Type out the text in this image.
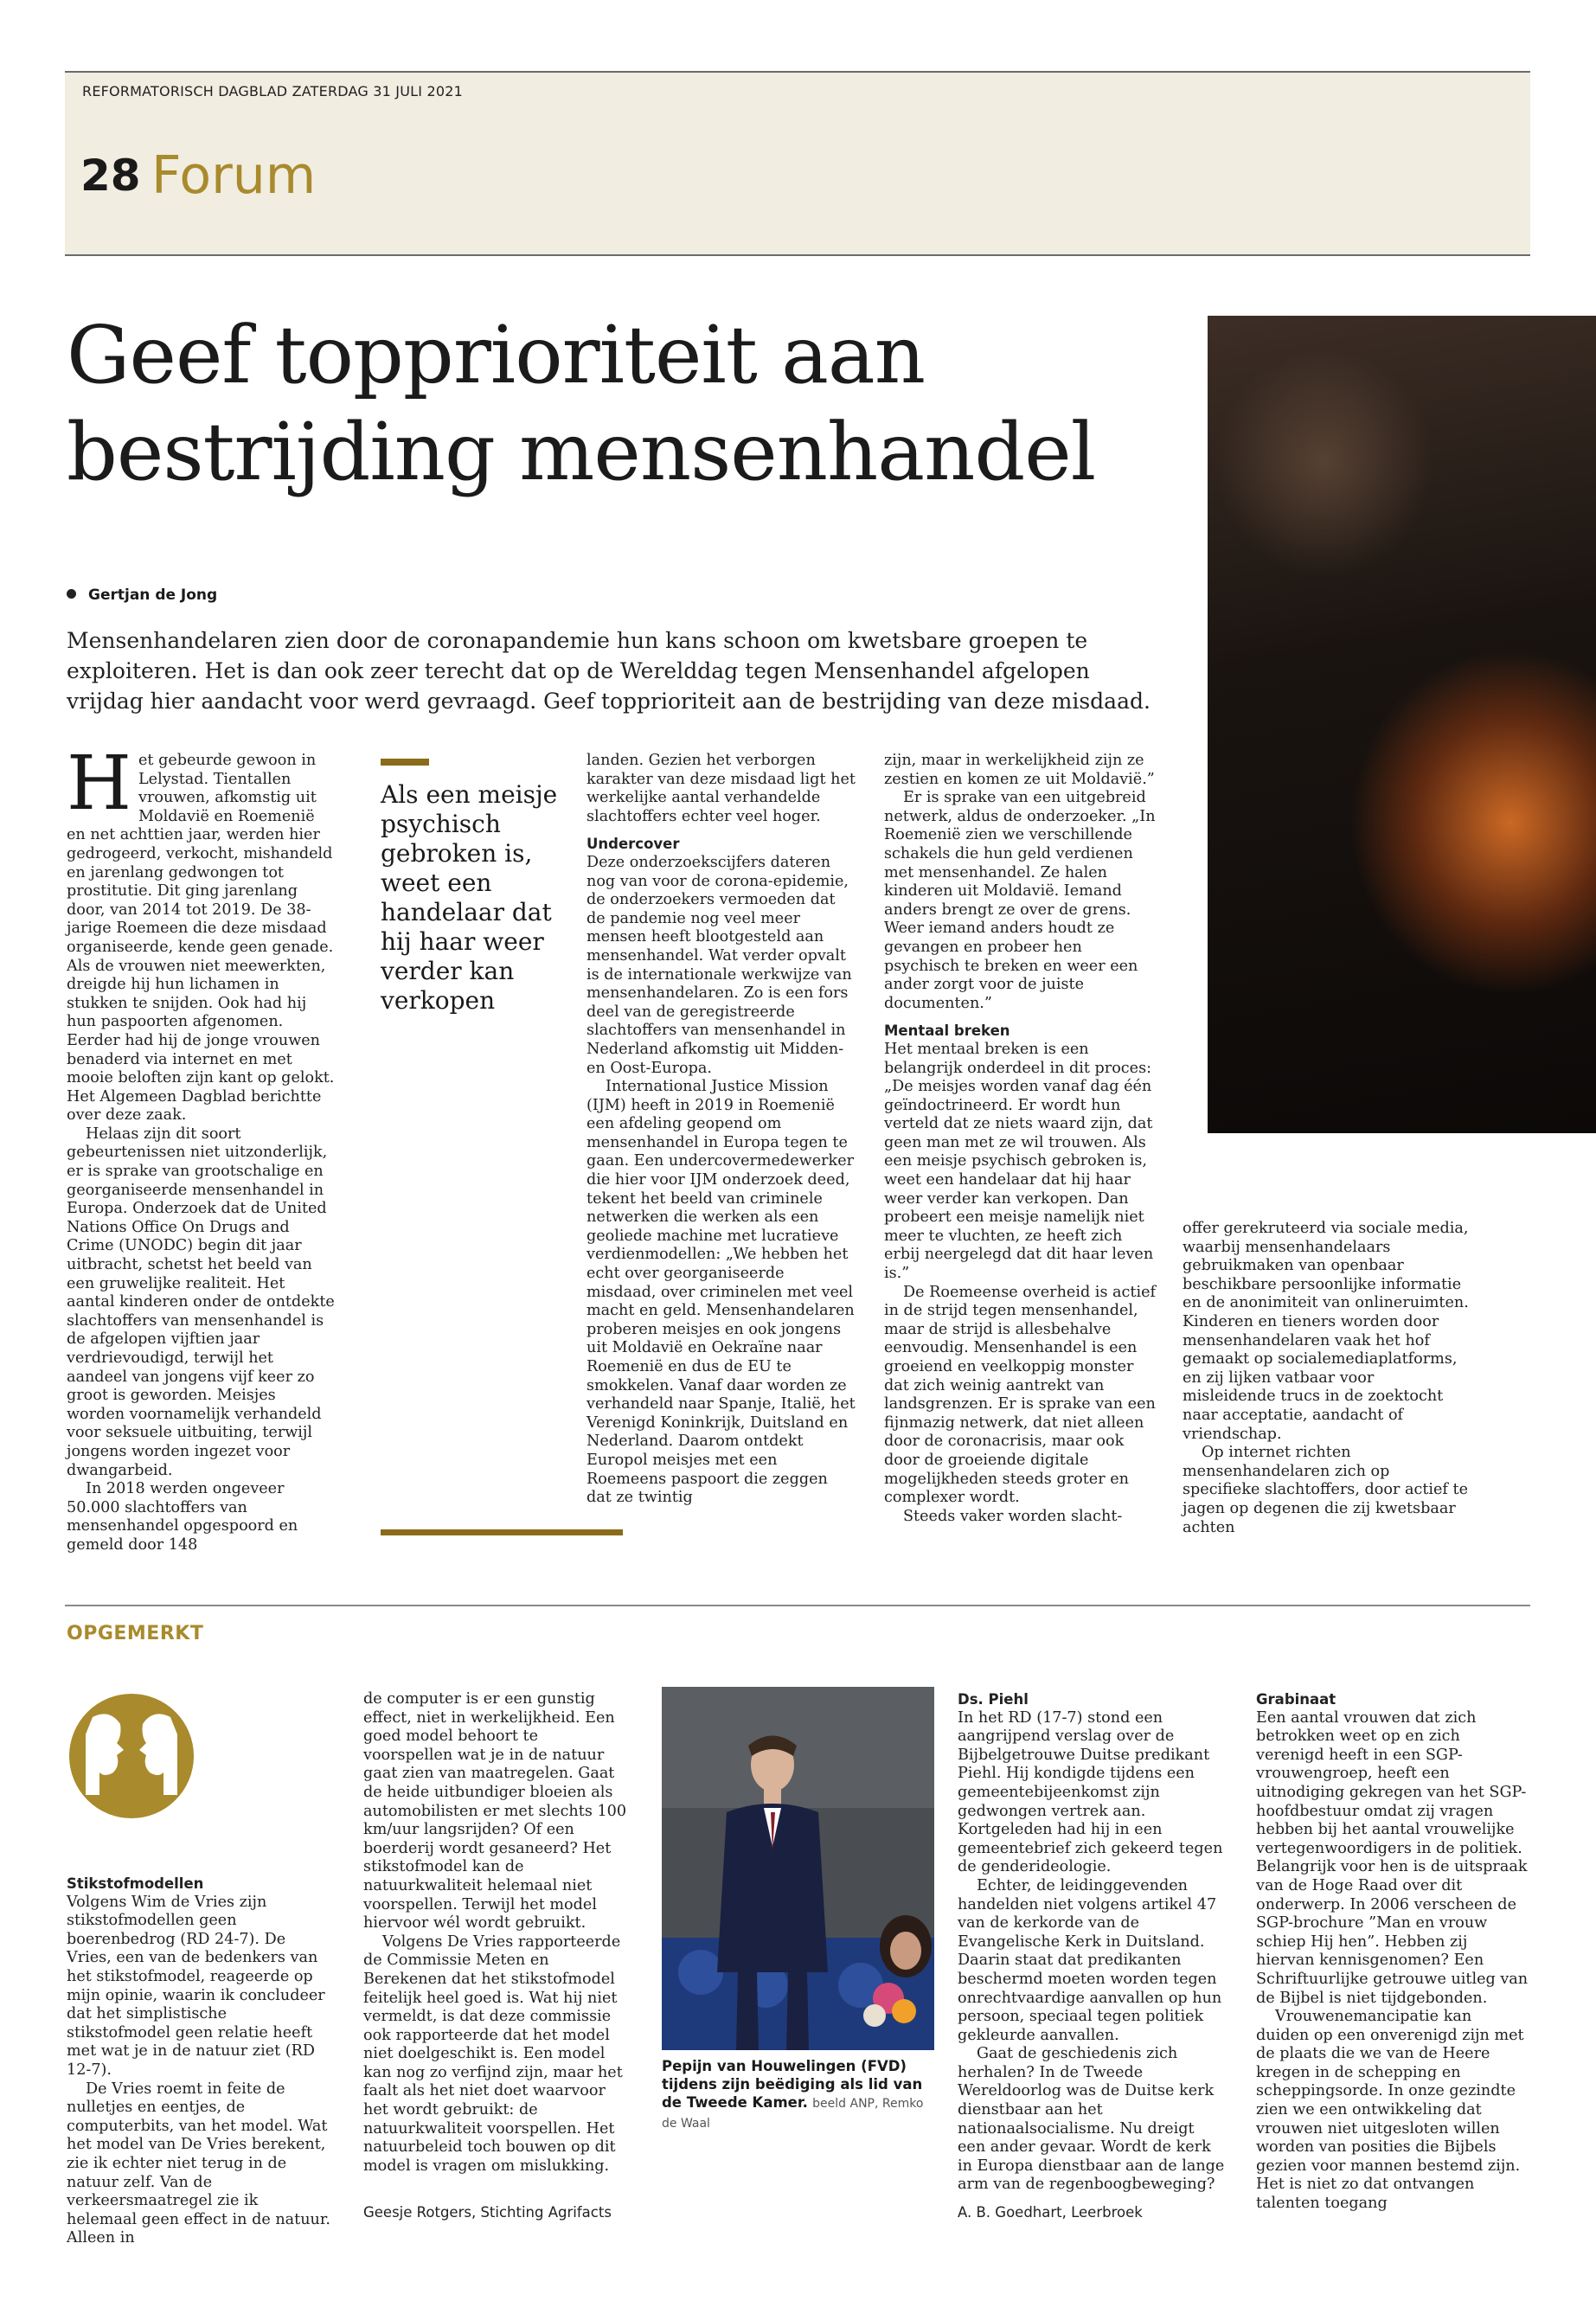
REFORMATORISCH DAGBLAD ZATERDAG 31 JULI 2021
28 Forum
Geef topprioriteit aan
bestrijding mensenhandel
Gertjan de Jong
Mensenhandelaren zien door de coronapandemie hun kans schoon om kwetsbare groepen te exploiteren. Het is dan ook zeer terecht dat op de Werelddag tegen Mensenhandel afgelopen vrijdag hier aandacht voor werd gevraagd. Geef topprioriteit aan de bestrijding van deze misdaad.

Het gebeurde gewoon in Lelystad. Tientallen vrouwen, afkomstig uit Moldavië en Roemenië en net achttien jaar, werden hier gedrogeerd, verkocht, mishandeld en jarenlang gedwongen tot prostitutie. Dit ging jarenlang door, van 2014 tot 2019. De 38-jarige Roemeen die deze misdaad organiseerde, kende geen genade. Als de vrouwen niet meewerkten, dreigde hij hun lichamen in stukken te snijden. Ook had hij hun paspoorten afgenomen. Eerder had hij de jonge vrouwen benaderd via internet en met mooie beloften zijn kant op gelokt. Het Algemeen Dagblad berichtte over deze zaak.

Helaas zijn dit soort gebeurtenissen niet uitzonderlijk, er is sprake van grootschalige en georganiseerde mensenhandel in Europa. Onderzoek dat de United Nations Office On Drugs and Crime (UNODC) begin dit jaar uitbracht, schetst het beeld van een gruwelijke realiteit. Het aantal kinderen onder de ontdekte slachtoffers van mensenhandel is de afgelopen vijftien jaar verdrievoudigd, terwijl het aandeel van jongens vijf keer zo groot is geworden. Meisjes worden voornamelijk verhandeld voor seksuele uitbuiting, terwijl jongens worden ingezet voor dwangarbeid.

In 2018 werden ongeveer 50.000 slachtoffers van mensenhandel opgespoord en gemeld door 148

Als een meisje psychisch gebroken is, weet een handelaar dat hij haar weer verder kan verkopen

landen. Gezien het verborgen karakter van deze misdaad ligt het werkelijke aantal verhandelde slachtoffers echter veel hoger.

Undercover

Deze onderzoekscijfers dateren nog van voor de corona-epidemie, de onderzoekers vermoeden dat de pandemie nog veel meer mensen heeft blootgesteld aan mensenhandel. Wat verder opvalt is de internationale werkwijze van mensenhandelaren. Zo is een fors deel van de geregistreerde slachtoffers van mensenhandel in Nederland afkomstig uit Midden- en Oost-Europa.

International Justice Mission (IJM) heeft in 2019 in Roemenië een afdeling geopend om mensenhandel in Europa tegen te gaan. Een undercovermedewerker die hier voor IJM onderzoek deed, tekent het beeld van criminele netwerken die werken als een geoliede machine met lucratieve verdienmodellen: „We hebben het echt over georganiseerde misdaad, over criminelen met veel macht en geld. Mensenhandelaren proberen meisjes en ook jongens uit Moldavië en Oekraïne naar Roemenië en dus de EU te smokkelen. Vanaf daar worden ze verhandeld naar Spanje, Italië, het Verenigd Koninkrijk, Duitsland en Nederland. Daarom ontdekt Europol meisjes met een Roemeens paspoort die zeggen dat ze twintig

zijn, maar in werkelijkheid zijn ze zestien en komen ze uit Moldavië.”

Er is sprake van een uitgebreid netwerk, aldus de onderzoeker. „In Roemenië zien we verschillende schakels die hun geld verdienen met mensenhandel. Ze halen kinderen uit Moldavië. Iemand anders brengt ze over de grens. Weer iemand anders houdt ze gevangen en probeer hen psychisch te breken en weer een ander zorgt voor de juiste documenten.”

Mentaal breken

Het mentaal breken is een belangrijk onderdeel in dit proces: „De meisjes worden vanaf dag één geïndoctrineerd. Er wordt hun verteld dat ze niets waard zijn, dat geen man met ze wil trouwen. Als een meisje psychisch gebroken is, weet een handelaar dat hij haar weer verder kan verkopen. Dan probeert een meisje namelijk niet meer te vluchten, ze heeft zich erbij neergelegd dat dit haar leven is.”

De Roemeense overheid is actief in de strijd tegen mensenhandel, maar de strijd is allesbehalve eenvoudig. Mensenhandel is een groeiend en veelkoppig monster dat zich weinig aantrekt van landsgrenzen. Er is sprake van een fijnmazig netwerk, dat niet alleen door de coronacrisis, maar ook door de groeiende digitale mogelijkheden steeds groter en complexer wordt.

Steeds vaker worden slacht-

offer gerekruteerd via sociale media, waarbij mensenhandelaars gebruikmaken van openbaar beschikbare persoonlijke informatie en de anonimiteit van onlineruimten. Kinderen en tieners worden door mensenhandelaren vaak het hof gemaakt op socialemediaplatforms, en zij lijken vatbaar voor misleidende trucs in de zoektocht naar acceptatie, aandacht of vriendschap.

Op internet richten mensenhandelaren zich op specifieke slachtoffers, door actief te jagen op degenen die zij kwetsbaar achten

OPGEMERKT

Stikstofmodellen

Volgens Wim de Vries zijn stikstofmodellen geen boerenbedrog (RD 24-7). De Vries, een van de bedenkers van het stikstofmodel, reageerde op mijn opinie, waarin ik concludeer dat het simplistische stikstofmodel geen relatie heeft met wat je in de natuur ziet (RD 12-7).

De Vries roemt in feite de nulletjes en eentjes, de computerbits, van het model. Wat het model van De Vries berekent, zie ik echter niet terug in de natuur zelf. Van de verkeersmaatregel zie ik helemaal geen effect in de natuur. Alleen in

de computer is er een gunstig effect, niet in werkelijkheid. Een goed model behoort te voorspellen wat je in de natuur gaat zien van maatregelen. Gaat de heide uitbundiger bloeien als automobilisten er met slechts 100 km/uur langsrijden? Of een boerderij wordt gesaneerd? Het stikstofmodel kan de natuurkwaliteit helemaal niet voorspellen. Terwijl het model hiervoor wél wordt gebruikt.

Volgens De Vries rapporteerde de Commissie Meten en Berekenen dat het stikstofmodel feitelijk heel goed is. Wat hij niet vermeldt, is dat deze commissie ook rapporteerde dat het model niet doelgeschikt is. Een model kan nog zo verfijnd zijn, maar het faalt als het niet doet waarvoor het wordt gebruikt: de natuurkwaliteit voorspellen. Het natuurbeleid toch bouwen op dit model is vragen om mislukking.

Geesje Rotgers, Stichting Agrifacts
Pepijn van Houwelingen (FVD) tijdens zijn beëdiging als lid van de Tweede Kamer. beeld ANP, Remko de Waal

Ds. Piehl

In het RD (17-7) stond een aangrijpend verslag over de Bijbelgetrouwe Duitse predikant Piehl. Hij kondigde tijdens een gemeentebijeenkomst zijn gedwongen vertrek aan. Kortgeleden had hij in een gemeentebrief zich gekeerd tegen de genderideologie.

Echter, de leidinggevenden handelden niet volgens artikel 47 van de kerkorde van de Evangelische Kerk in Duitsland. Daarin staat dat predikanten beschermd moeten worden tegen onrechtvaardige aanvallen op hun persoon, speciaal tegen politiek gekleurde aanvallen.

Gaat de geschiedenis zich herhalen? In de Tweede Wereldoorlog was de Duitse kerk dienstbaar aan het nationaalsocialisme. Nu dreigt een ander gevaar. Wordt de kerk in Europa dienstbaar aan de lange arm van de regenboogbeweging?

A. B. Goedhart, Leerbroek

Grabinaat

Een aantal vrouwen dat zich betrokken weet op en zich verenigd heeft in een SGP-vrouwengroep, heeft een uitnodiging gekregen van het SGP-hoofdbestuur omdat zij vragen hebben bij het aantal vrouwelijke vertegenwoordigers in de politiek. Belangrijk voor hen is de uitspraak van de Hoge Raad over dit onderwerp. In 2006 verscheen de SGP-brochure ”Man en vrouw schiep Hij hen”. Hebben zij hiervan kennisgenomen? Een Schriftuurlijke getrouwe uitleg van de Bijbel is niet tijdgebonden.

Vrouwenemancipatie kan duiden op een onverenigd zijn met de plaats die we van de Heere kregen in de schepping en scheppingsorde. In onze gezindte zien we een ontwikkeling dat vrouwen niet uitgesloten willen worden van posities die Bijbels gezien voor mannen bestemd zijn. Het is niet zo dat ontvangen talenten toegang
